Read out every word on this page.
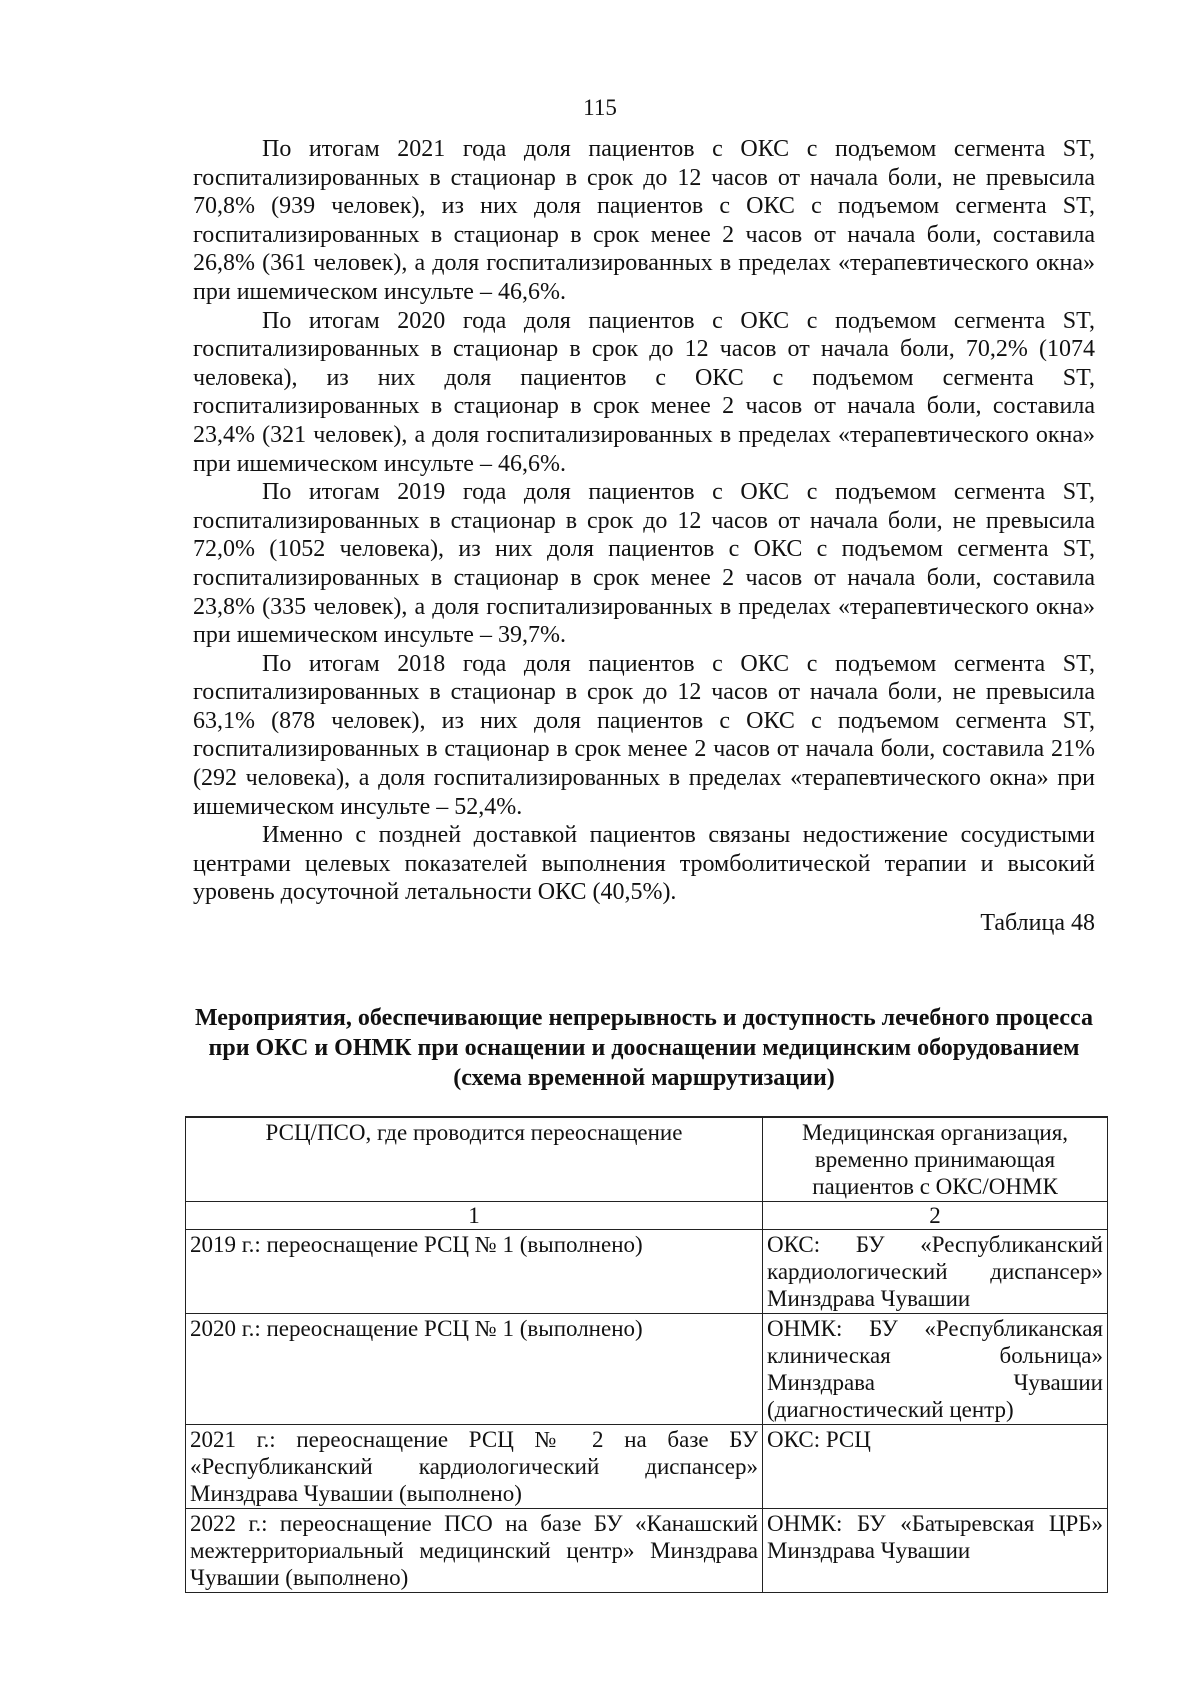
115

По итогам 2021 года доля пациентов с ОКС с подъемом сегмента ST, госпитализированных в стационар в срок до 12 часов от начала боли, не превысила 70,8% (939 человек), из них доля пациентов с ОКС с подъемом сегмента ST, госпитализированных в стационар в срок менее 2 часов от начала боли, составила 26,8% (361 человек), а доля госпитализированных в пределах «терапевтического окна» при ишемическом инсульте – 46,6%.

По итогам 2020 года доля пациентов с ОКС с подъемом сегмента ST, госпитализированных в стационар в срок до 12 часов от начала боли, 70,2% (1074 человека), из них доля пациентов с ОКС с подъемом сегмента ST, госпитализированных в стационар в срок менее 2 часов от начала боли, составила 23,4% (321 человек), а доля госпитализированных в пределах «терапевтического окна» при ишемическом инсульте – 46,6%.

По итогам 2019 года доля пациентов с ОКС с подъемом сегмента ST, госпитализированных в стационар в срок до 12 часов от начала боли, не превысила 72,0% (1052 человека), из них доля пациентов с ОКС с подъемом сегмента ST, госпитализированных в стационар в срок менее 2 часов от начала боли, составила 23,8% (335 человек), а доля госпитализированных в пределах «терапевтического окна» при ишемическом инсульте – 39,7%.

По итогам 2018 года доля пациентов с ОКС с подъемом сегмента ST, госпитализированных в стационар в срок до 12 часов от начала боли, не превысила 63,1% (878 человек), из них доля пациентов с ОКС с подъемом сегмента ST, госпитализированных в стационар в срок менее 2 часов от начала боли, составила 21% (292 человека), а доля госпитализированных в пределах «терапевтического окна» при ишемическом инсульте – 52,4%.

Именно с поздней доставкой пациентов связаны недостижение сосудистыми центрами целевых показателей выполнения тромболитической терапии и высокий уровень досуточной летальности ОКС (40,5%).

Таблица 48

Мероприятия, обеспечивающие непрерывность и доступность лечебного процесса при ОКС и ОНМК при оснащении и дооснащении медицинским оборудованием (схема временной маршрутизации)
РСЦ/ПСО, где проводится переоснащение	Медицинская организация, временно принимающая пациентов с ОКС/ОНМК
1	2
2019 г.: переоснащение РСЦ № 1 (выполнено)	ОКС: БУ «Республиканский кардиологический диспансер» Минздрава Чувашии
2020 г.: переоснащение РСЦ № 1 (выполнено)	ОНМК: БУ «Республиканская клиническая больница» Минздрава Чувашии (диагностический центр)
2021 г.: переоснащение РСЦ № 2 на базе БУ «Республиканский кардиологический диспансер» Минздрава Чувашии (выполнено)	ОКС: РСЦ
2022 г.: переоснащение ПСО на базе БУ «Канашский межтерриториальный медицинский центр» Минздрава Чувашии (выполнено)	ОНМК: БУ «Батыревская ЦРБ» Минздрава Чувашии
